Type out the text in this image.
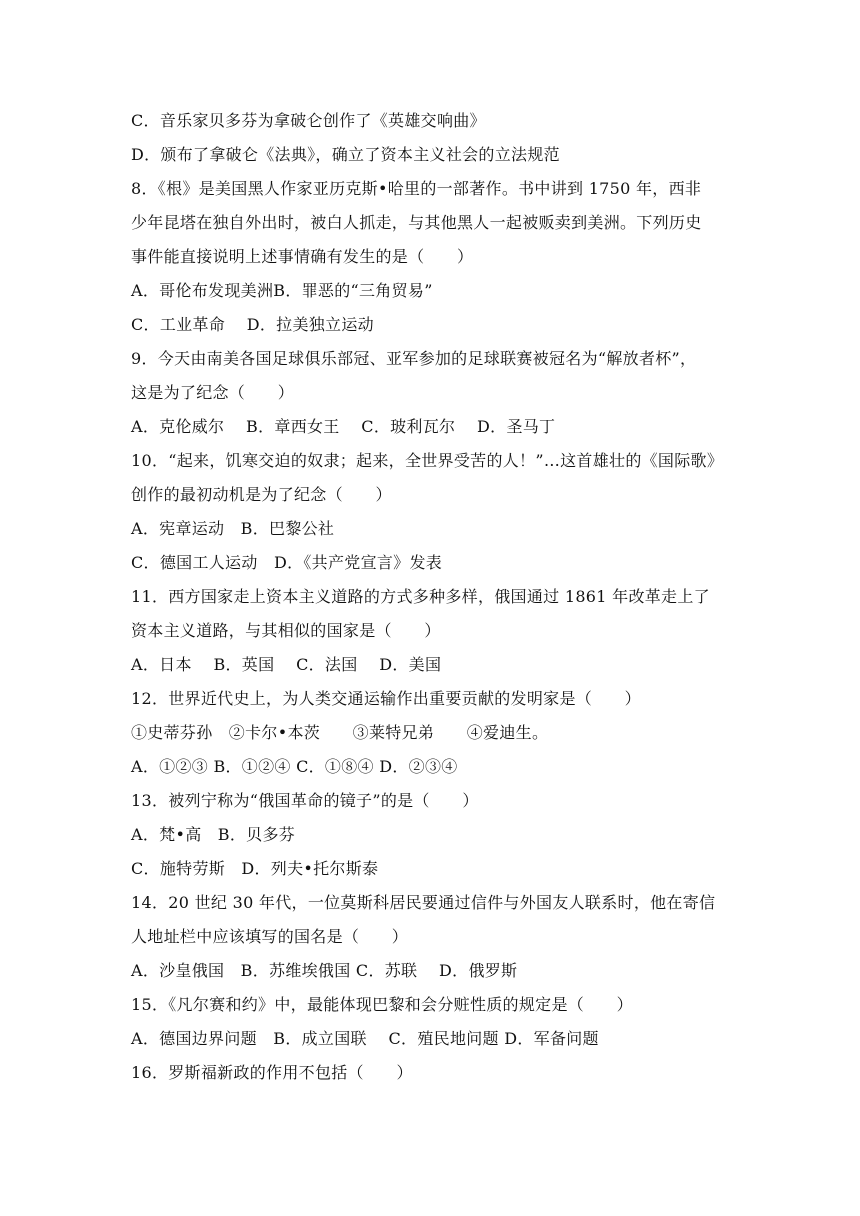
C．音乐家贝多芬为拿破仑创作了《英雄交响曲》
D．颁布了拿破仑《法典》，确立了资本主义社会的立法规范
8．《根》是美国黑人作家亚历克斯•哈里的一部著作。书中讲到 1750 年，西非
少年昆塔在独自外出时，被白人抓走，与其他黑人一起被贩卖到美洲。下列历史
事件能直接说明上述事情确有发生的是（　　）
A．哥伦布发现美洲B．罪恶的“三角贸易”
C．工业革命　 D．拉美独立运动
9．今天由南美各国足球俱乐部冠、亚军参加的足球联赛被冠名为“解放者杯”，
这是为了纪念（　　）
A．克伦威尔　 B．章西女王　 C．玻利瓦尔　 D．圣马丁
10．“起来，饥寒交迫的奴隶；起来，全世界受苦的人！”…这首雄壮的《国际歌》
创作的最初动机是为了纪念（　　）
A．宪章运动　B．巴黎公社
C．德国工人运动　D．《共产党宣言》发表
11．西方国家走上资本主义道路的方式多种多样，俄国通过 1861 年改革走上了
资本主义道路，与其相似的国家是（　　）
A．日本　 B．英国　 C．法国　 D．美国
12．世界近代史上，为人类交通运输作出重要贡献的发明家是（　　）
①史蒂芬孙　②卡尔•本茨　　③莱特兄弟　　④爱迪生。
A．①②③ B．①②④ C．①⑧④ D．②③④
13．被列宁称为“俄国革命的镜子”的是（　　）
A．梵•高　B．贝多芬
C．施特劳斯　D．列夫•托尔斯泰
14．20 世纪 30 年代，一位莫斯科居民要通过信件与外国友人联系时，他在寄信
人地址栏中应该填写的国名是（　　）
A．沙皇俄国　B．苏维埃俄国 C．苏联　 D．俄罗斯
15．《凡尔赛和约》中，最能体现巴黎和会分赃性质的规定是（　　）
A．德国边界问题　B．成立国联　 C．殖民地问题 D．军备问题
16．罗斯福新政的作用不包括（　　）
